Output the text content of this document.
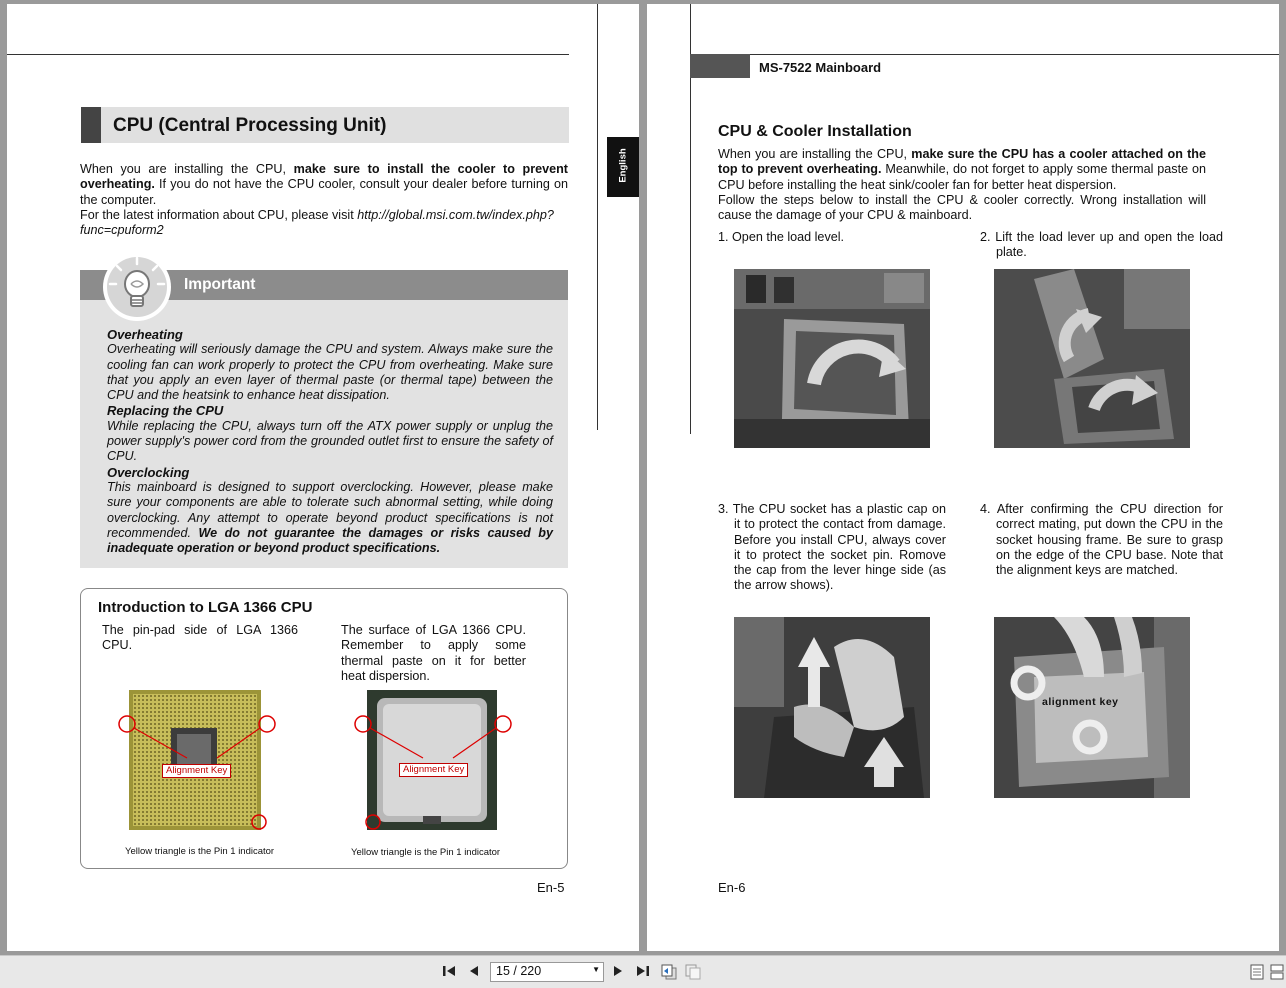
CPU (Central Processing Unit)

When you are installing the CPU, make sure to install the cooler to prevent overheating. If you do not have the CPU cooler, consult your dealer before turning on the computer.

For the latest information about CPU, please visit http://global.msi.com.tw/index.php?func=cpuform2

Important

Overheating

Overheating will seriously damage the CPU and system. Always make sure the cooling fan can work properly to protect the CPU from overheating. Make sure that you apply an even layer of thermal paste (or thermal tape) between the CPU and the heatsink to enhance heat dissipation.

Replacing the CPU

While replacing the CPU, always turn off the ATX power supply or unplug the power supply's power cord from the grounded outlet first to ensure the safety of CPU.

Overclocking

This mainboard is designed to support overclocking. However, please make sure your components are able to tolerate such abnormal setting, while doing overclocking. Any attempt to operate beyond product specifications is not recommended. We do not guarantee the damages or risks caused by inadequate operation or beyond product specifications.

Introduction to LGA 1366 CPU
The pin-pad side of LGA 1366 CPU.
The surface of LGA 1366 CPU. Remember to apply some thermal paste on it for better heat dispersion.
Alignment Key
Yellow triangle is the Pin 1 indicator
Alignment Key
Yellow triangle is the Pin 1 indicator
En-5
English
MS-7522 Mainboard
CPU & Cooler Installation

When you are installing the CPU, make sure the CPU has a cooler attached on the top to prevent overheating. Meanwhile, do not forget to apply some thermal paste on CPU before installing the heat sink/cooler fan for better heat dispersion.

Follow the steps below to install the CPU & cooler correctly. Wrong installation will cause the damage of your CPU & mainboard.

1. Open the load level.	2. Lift the load lever up and open the load plate.
3. The CPU socket has a plastic cap on it to protect the contact from damage. Before you install CPU, always cover it to protect the socket pin. Romove the cap from the lever hinge side (as the arrow shows).
4. After confirming the CPU direction for correct mating, put down the CPU in the socket housing frame. Be sure to grasp on the edge of the CPU base. Note that the alignment keys are matched.
alignment key
En-6
15 / 220	▼
